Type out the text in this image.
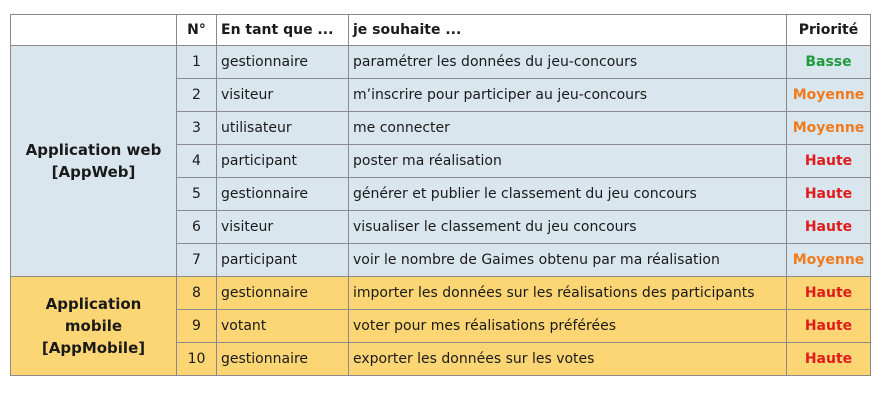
	N°	En tant que ...	je souhaite ...	Priorité

Application web
[AppWeb]	1	gestionnaire	paramétrer les données du jeu-concours	Basse
	2	visiteur	m’inscrire pour participer au jeu-concours	Moyenne
	3	utilisateur	me connecter	Moyenne
	4	participant	poster ma réalisation	Haute
	5	gestionnaire	générer et publier le classement du jeu concours	Haute
	6	visiteur	visualiser le classement du jeu concours	Haute
	7	participant	voir le nombre de Gaimes obtenu par ma réalisation	Moyenne

Application mobile
[AppMobile]	8	gestionnaire	importer les données sur les réalisations des participants	Haute
	9	votant	voter pour mes réalisations préférées	Haute
	10	gestionnaire	exporter les données sur les votes	Haute
